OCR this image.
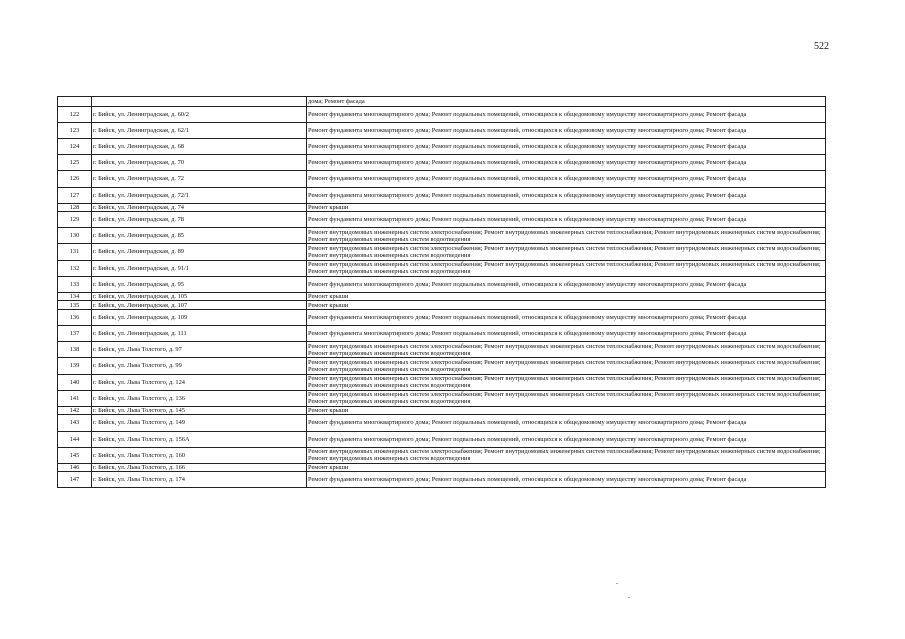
522
		дома; Ремонт фасада
122	г. Бийск, ул. Ленинградская, д. 60/2	Ремонт фундамента многоквартирного дома; Ремонт подвальных помещений, относящихся к общедомовому имуществу многоквартирного дома; Ремонт фасада
123	г. Бийск, ул. Ленинградская, д. 62/1	Ремонт фундамента многоквартирного дома; Ремонт подвальных помещений, относящихся к общедомовому имуществу многоквартирного дома; Ремонт фасада
124	г. Бийск, ул. Ленинградская, д. 68	Ремонт фундамента многоквартирного дома; Ремонт подвальных помещений, относящихся к общедомовому имуществу многоквартирного дома; Ремонт фасада
125	г. Бийск, ул. Ленинградская, д. 70	Ремонт фундамента многоквартирного дома; Ремонт подвальных помещений, относящихся к общедомовому имуществу многоквартирного дома; Ремонт фасада
126	г. Бийск, ул. Ленинградская, д. 72	Ремонт фундамента многоквартирного дома; Ремонт подвальных помещений, относящихся к общедомовому имуществу многоквартирного дома; Ремонт фасада
127	г. Бийск, ул. Ленинградская, д. 72/1	Ремонт фундамента многоквартирного дома; Ремонт подвальных помещений, относящихся к общедомовому имуществу многоквартирного дома; Ремонт фасада
128	г. Бийск, ул. Ленинградская, д. 74	Ремонт крыши
129	г. Бийск, ул. Ленинградская, д. 78	Ремонт фундамента многоквартирного дома; Ремонт подвальных помещений, относящихся к общедомовому имуществу многоквартирного дома; Ремонт фасада
130	г. Бийск, ул. Ленинградская, д. 85	Ремонт внутридомовых инженерных систем электроснабжения; Ремонт внутридомовых инженерных систем теплоснабжения; Ремонт внутридомовых инженерных систем водоснабжения; Ремонт внутридомовых инженерных систем водоотведения
131	г. Бийск, ул. Ленинградская, д. 89	Ремонт внутридомовых инженерных систем электроснабжения; Ремонт внутридомовых инженерных систем теплоснабжения; Ремонт внутридомовых инженерных систем водоснабжения; Ремонт внутридомовых инженерных систем водоотведения
132	г. Бийск, ул. Ленинградская, д. 91/1	Ремонт внутридомовых инженерных систем электроснабжения; Ремонт внутридомовых инженерных систем теплоснабжения; Ремонт внутридомовых инженерных систем водоснабжения; Ремонт внутридомовых инженерных систем водоотведения
133	г. Бийск, ул. Ленинградская, д. 95	Ремонт фундамента многоквартирного дома; Ремонт подвальных помещений, относящихся к общедомовому имуществу многоквартирного дома; Ремонт фасада
134	г. Бийск, ул. Ленинградская, д. 105	Ремонт крыши
135	г. Бийск, ул. Ленинградская, д. 107	Ремонт крыши
136	г. Бийск, ул. Ленинградская, д. 109	Ремонт фундамента многоквартирного дома; Ремонт подвальных помещений, относящихся к общедомовому имуществу многоквартирного дома; Ремонт фасада
137	г. Бийск, ул. Ленинградская, д. 111	Ремонт фундамента многоквартирного дома; Ремонт подвальных помещений, относящихся к общедомовому имуществу многоквартирного дома; Ремонт фасада
138	г. Бийск, ул. Льва Толстого, д. 97	Ремонт внутридомовых инженерных систем электроснабжения; Ремонт внутридомовых инженерных систем теплоснабжения; Ремонт внутридомовых инженерных систем водоснабжения; Ремонт внутридомовых инженерных систем водоотведения
139	г. Бийск, ул. Льва Толстого, д. 99	Ремонт внутридомовых инженерных систем электроснабжения; Ремонт внутридомовых инженерных систем теплоснабжения; Ремонт внутридомовых инженерных систем водоснабжения; Ремонт внутридомовых инженерных систем водоотведения
140	г. Бийск, ул. Льва Толстого, д. 124	Ремонт внутридомовых инженерных систем электроснабжения; Ремонт внутридомовых инженерных систем теплоснабжения; Ремонт внутридомовых инженерных систем водоснабжения; Ремонт внутридомовых инженерных систем водоотведения
141	г. Бийск, ул. Льва Толстого, д. 136	Ремонт внутридомовых инженерных систем электроснабжения; Ремонт внутридомовых инженерных систем теплоснабжения; Ремонт внутридомовых инженерных систем водоснабжения; Ремонт внутридомовых инженерных систем водоотведения
142	г. Бийск, ул. Льва Толстого, д. 145	Ремонт крыши
143	г. Бийск, ул. Льва Толстого, д. 149	Ремонт фундамента многоквартирного дома; Ремонт подвальных помещений, относящихся к общедомовому имуществу многоквартирного дома; Ремонт фасада
144	г. Бийск, ул. Льва Толстого, д. 156А	Ремонт фундамента многоквартирного дома; Ремонт подвальных помещений, относящихся к общедомовому имуществу многоквартирного дома; Ремонт фасада
145	г. Бийск, ул. Льва Толстого, д. 160	Ремонт внутридомовых инженерных систем электроснабжения; Ремонт внутридомовых инженерных систем теплоснабжения; Ремонт внутридомовых инженерных систем водоснабжения; Ремонт внутридомовых инженерных систем водоотведения
146	г. Бийск, ул. Льва Толстого, д. 166	Ремонт крыши
147	г. Бийск, ул. Льва Толстого, д. 174	Ремонт фундамента многоквартирного дома; Ремонт подвальных помещений, относящихся к общедомовому имуществу многоквартирного дома; Ремонт фасада
